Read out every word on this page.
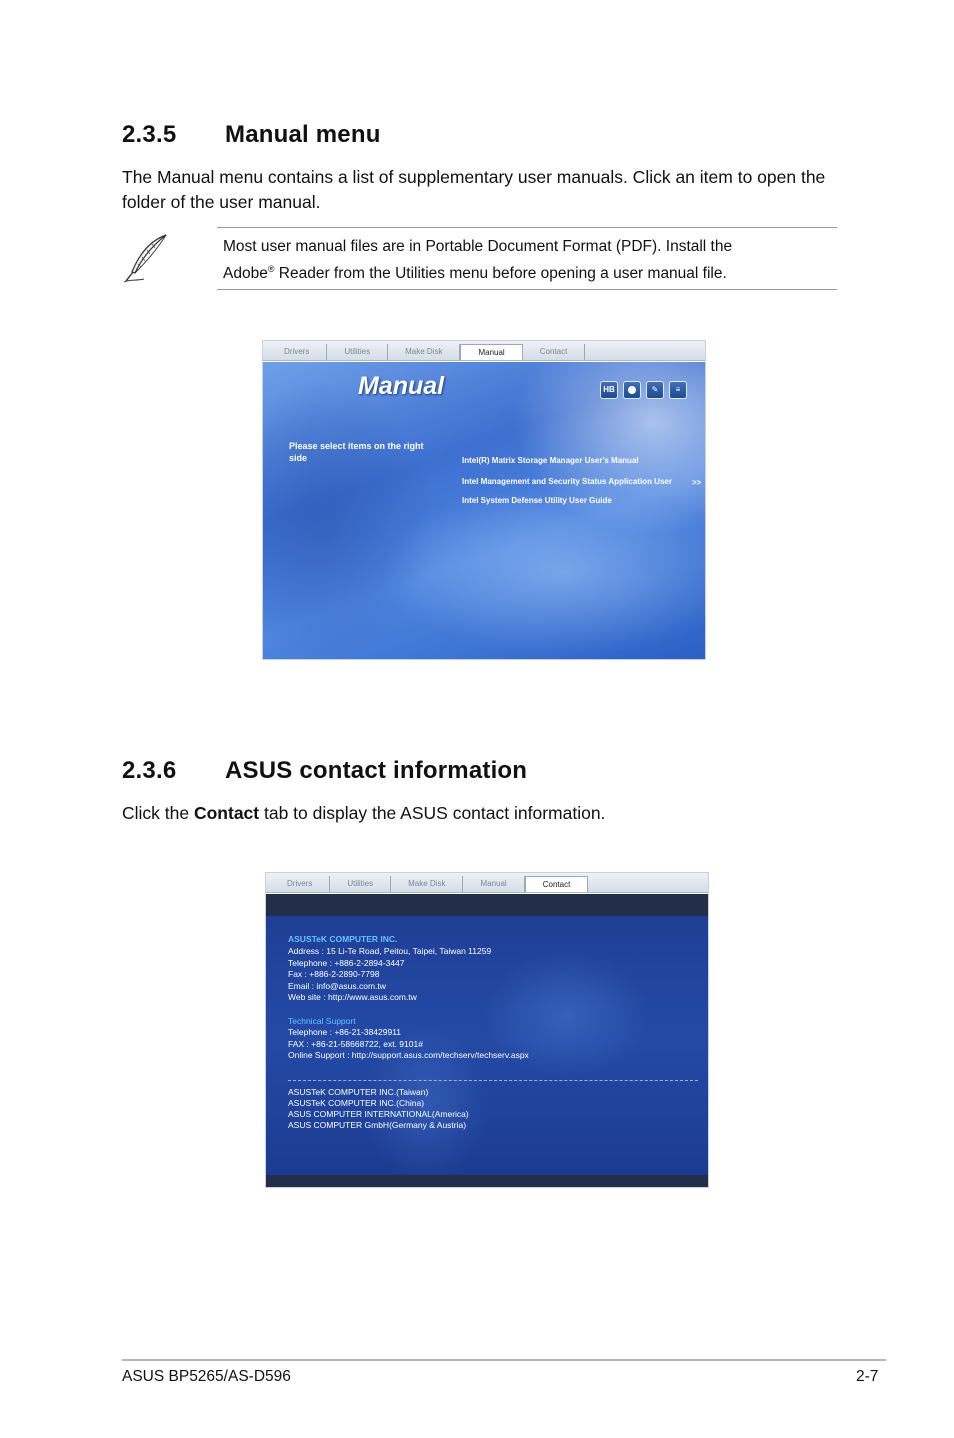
2.3.5 Manual menu
The Manual menu contains a list of supplementary user manuals. Click an item to open the folder of the user manual.
Most user manual files are in Portable Document Format (PDF). Install the
Adobe® Reader from the Utilities menu before opening a user manual file.
Drivers	Utilities	Make Disk	Manual	Contact
Manual	HB	✎	≡
Please select items on the right side	Intel(R) Matrix Storage Manager User's Manual
Intel Management and Security Status Application User	>>
Intel System Defense Utility User Guide
2.3.6 ASUS contact information
Click the Contact tab to display the ASUS contact information.
Drivers	Utilities	Make Disk	Manual	Contact
ASUSTeK COMPUTER INC.
Address : 15 Li-Te Road, Peitou, Taipei, Taiwan 11259
Telephone : +886-2-2894-3447
Fax : +886-2-2890-7798
Email : info@asus.com.tw
Web site : http://www.asus.com.tw
Technical Support
Telephone : +86-21-38429911
FAX : +86-21-58668722, ext. 9101#
Online Support : http://support.asus.com/techserv/techserv.aspx
ASUSTeK COMPUTER INC.(Taiwan)
ASUSTeK COMPUTER INC.(China)
ASUS COMPUTER INTERNATIONAL(America)
ASUS COMPUTER GmbH(Germany & Austria)
ASUS BP5265/AS-D596	2-7
